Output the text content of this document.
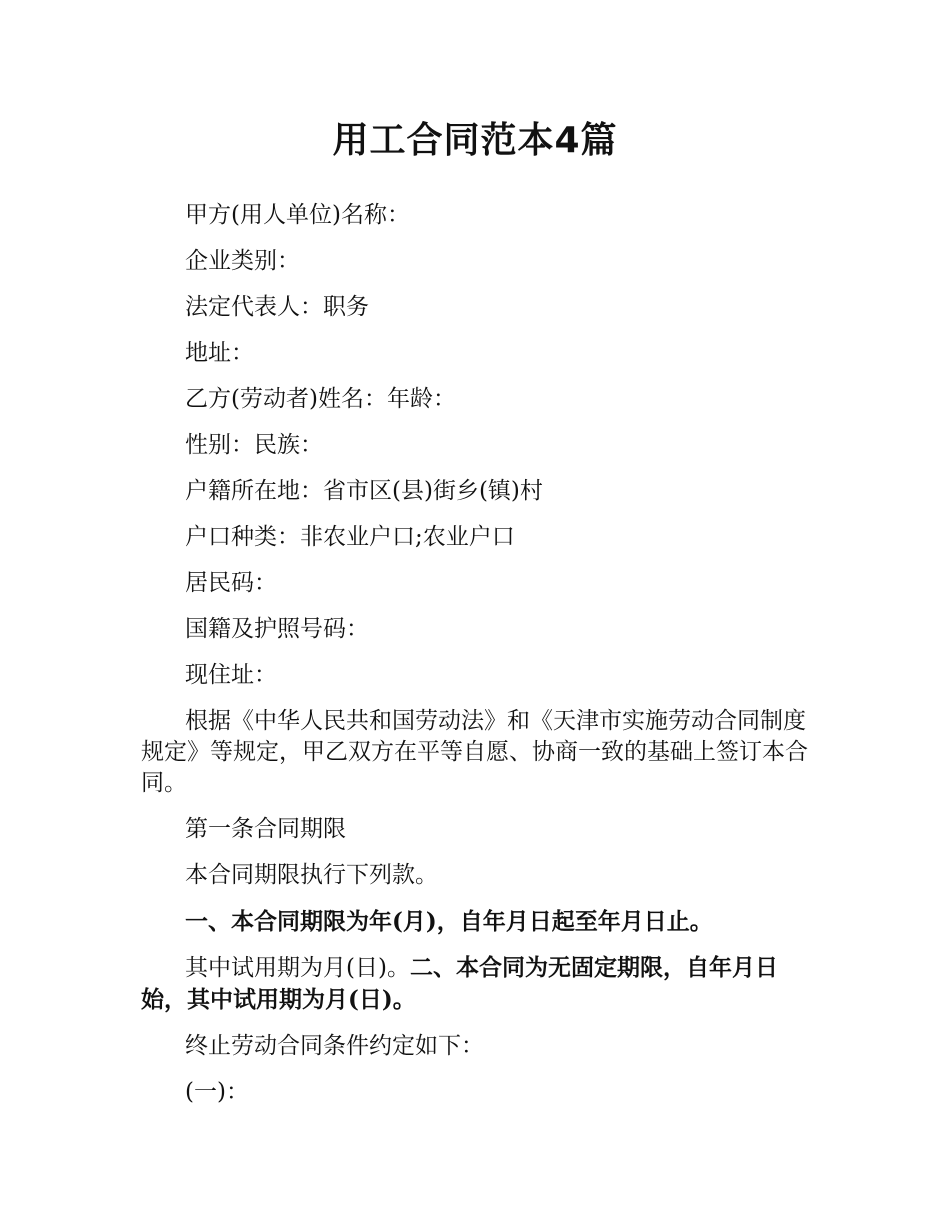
用工合同范本4篇

甲方(用人单位)名称：

企业类别：

法定代表人：职务

地址：

乙方(劳动者)姓名：年龄：

性别：民族：

户籍所在地：省市区(县)街乡(镇)村

户口种类：非农业户口;农业户口

居民码：

国籍及护照号码：

现住址：

根据《中华人民共和国劳动法》和《天津市实施劳动合同制度规定》等规定，甲乙双方在平等自愿、协商一致的基础上签订本合同。

第一条合同期限

本合同期限执行下列款。

一、本合同期限为年(月)，自年月日起至年月日止。

其中试用期为月(日)。二、本合同为无固定期限，自年月日始，其中试用期为月(日)。

终止劳动合同条件约定如下：

(一)：
